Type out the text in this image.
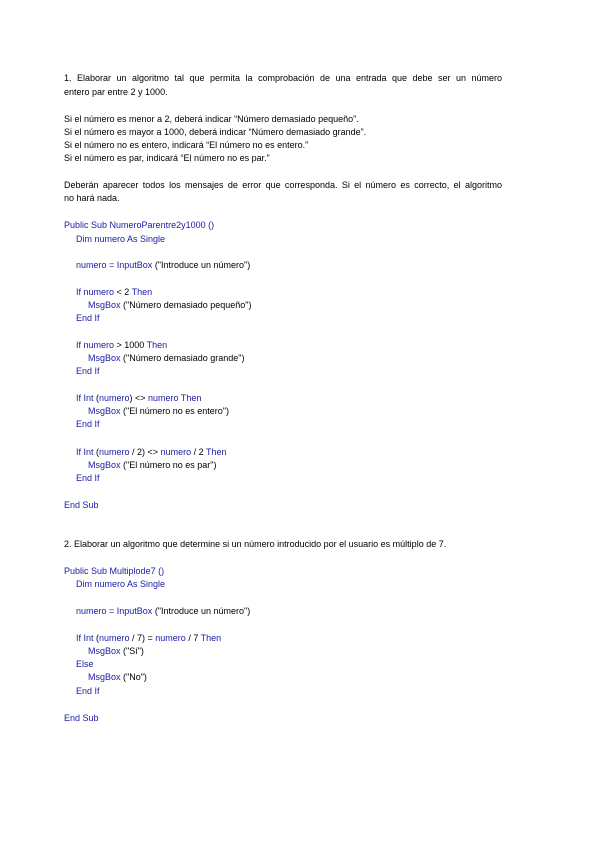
1. Elaborar un algoritmo tal que permita la comprobación de una entrada que debe ser un número
entero par entre 2 y 1000.
Si el número es menor a 2, deberá indicar “Número demasiado pequeño”.
Si el número es mayor a 1000, deberá indicar “Número demasiado grande”.
Si el número no es entero, indicará “El número no es entero.”
Si el número es par, indicará “El número no es par.”
Deberán aparecer todos los mensajes de error que corresponda. Si el número es correcto, el algoritmo
no hará nada.
Public Sub NumeroParentre2y1000 ()
Dim numero As Single
numero = InputBox ("Introduce un número")
If numero < 2 Then
MsgBox ("Número demasiado pequeño")
End If
If numero > 1000 Then
MsgBox ("Número demasiado grande")
End If
If Int (numero) <> numero Then
MsgBox ("El número no es entero")
End If
If Int (numero / 2) <> numero / 2 Then
MsgBox ("El número no es par")
End If
End Sub
2. Elaborar un algoritmo que determine si un número introducido por el usuario es múltiplo de 7.
Public Sub Multiplode7 ()
Dim numero As Single
numero = InputBox ("Introduce un número")
If Int (numero / 7) = numero / 7 Then
MsgBox ("Sí")
Else
MsgBox ("No")
End If
End Sub
